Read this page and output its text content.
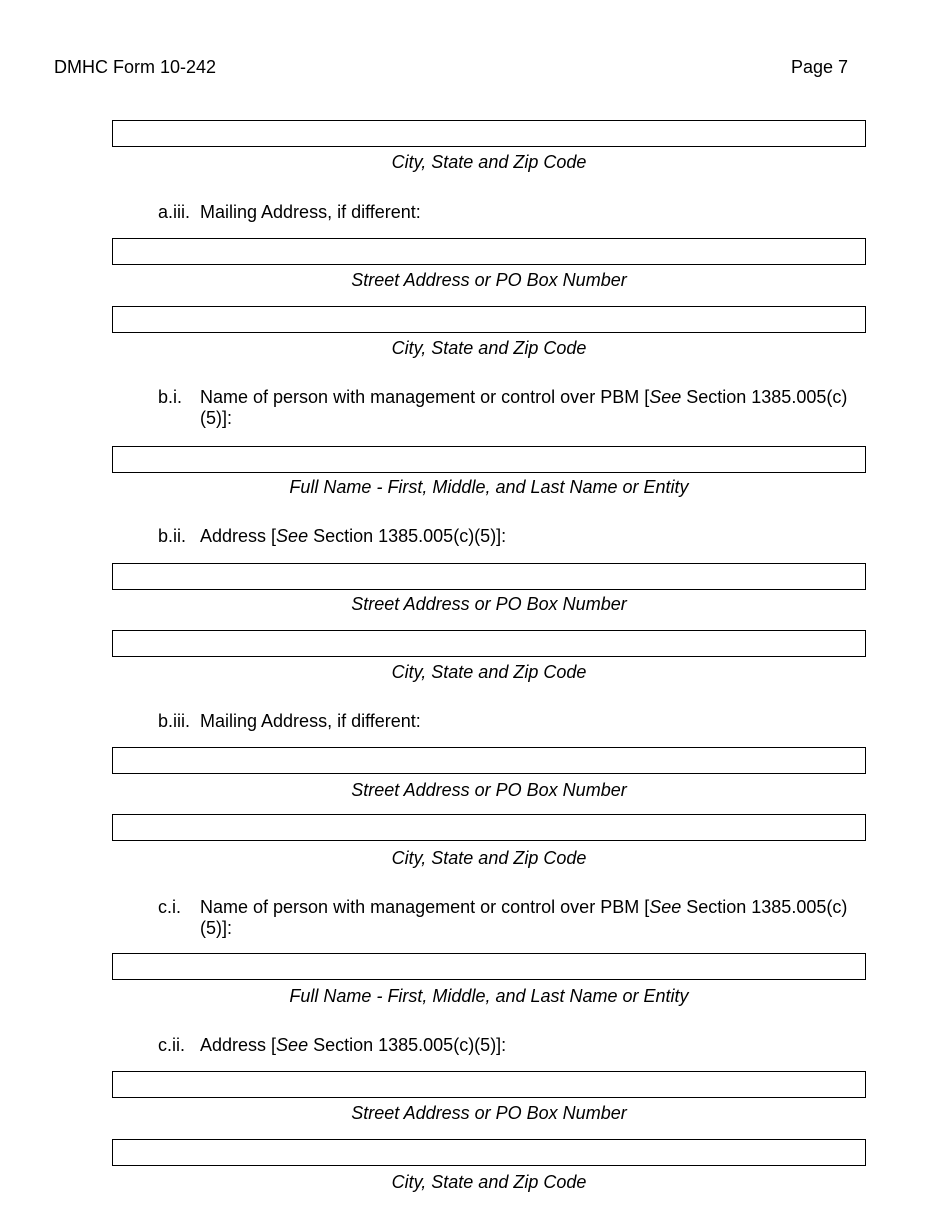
DMHC Form 10-242	Page 7
City, State and Zip Code
a.iii. Mailing Address, if different:
Street Address or PO Box Number
City, State and Zip Code
b.i. Name of person with management or control over PBM [See Section 1385.005(c)(5)]:
Full Name - First, Middle, and Last Name or Entity
b.ii. Address [See Section 1385.005(c)(5)]:
Street Address or PO Box Number
City, State and Zip Code
b.iii. Mailing Address, if different:
Street Address or PO Box Number
City, State and Zip Code
c.i. Name of person with management or control over PBM [See Section 1385.005(c)(5)]:
Full Name - First, Middle, and Last Name or Entity
c.ii. Address [See Section 1385.005(c)(5)]:
Street Address or PO Box Number
City, State and Zip Code
